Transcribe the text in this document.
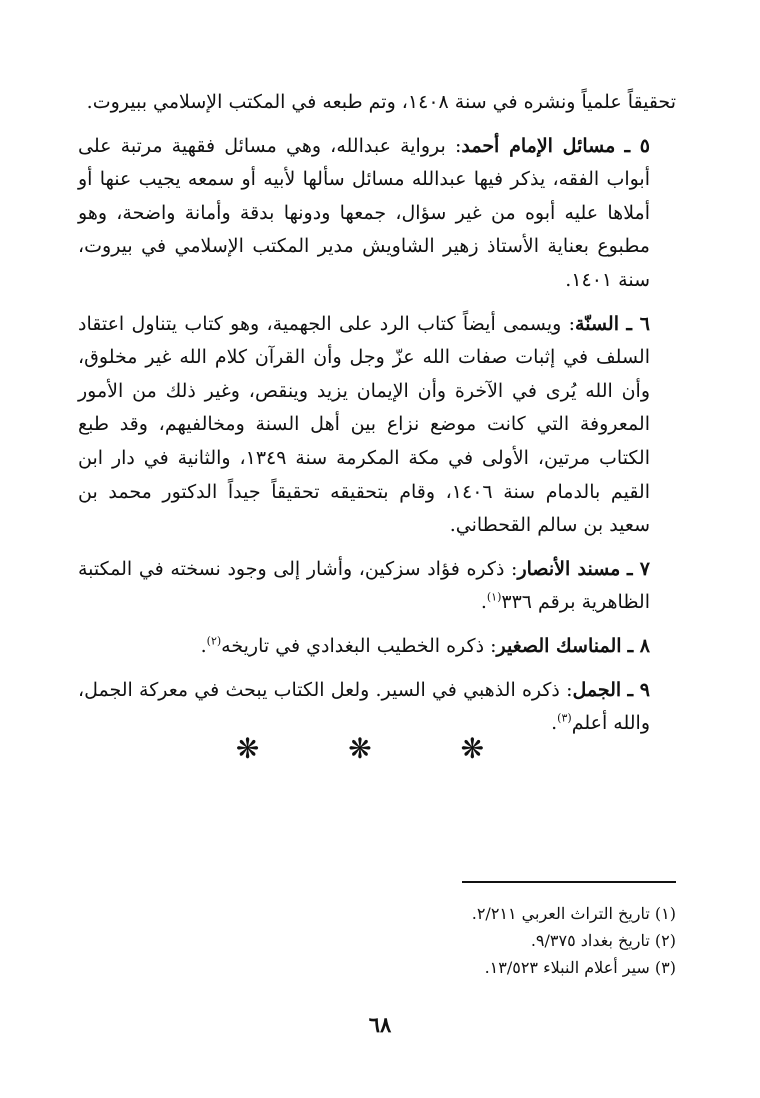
تحقيقاً علمياً ونشره في سنة ١٤٠٨، وتم طبعه في المكتب الإسلامي ببيروت.

٥ ـ مسائل الإمام أحمد: برواية عبدالله، وهي مسائل فقهية مرتبة على أبواب الفقه، يذكر فيها عبدالله مسائل سألها لأبيه أو سمعه يجيب عنها أو أملاها عليه أبوه من غير سؤال، جمعها ودونها بدقة وأمانة واضحة، وهو مطبوع بعناية الأستاذ زهير الشاويش مدير المكتب الإسلامي في بيروت، سنة ١٤٠١.

٦ ـ السنّة: ويسمى أيضاً كتاب الرد على الجهمية، وهو كتاب يتناول اعتقاد السلف في إثبات صفات الله عزّ وجل وأن القرآن كلام الله غير مخلوق، وأن الله يُرى في الآخرة وأن الإيمان يزيد وينقص، وغير ذلك من الأمور المعروفة التي كانت موضع نزاع بين أهل السنة ومخالفيهم، وقد طبع الكتاب مرتين، الأولى في مكة المكرمة سنة ١٣٤٩، والثانية في دار ابن القيم بالدمام سنة ١٤٠٦، وقام بتحقيقه تحقيقاً جيداً الدكتور محمد بن سعيد بن سالم القحطاني.

٧ ـ مسند الأنصار: ذكره فؤاد سزكين، وأشار إلى وجود نسخته في المكتبة الظاهرية برقم ٣٣٦$^{(١)}$.

٨ ـ المناسك الصغير: ذكره الخطيب البغدادي في تاريخه$^{(٢)}$.

٩ ـ الجمل: ذكره الذهبي في السير. ولعل الكتاب يبحث في معركة الجمل، والله أعلم$^{(٣)}$.

❋ ❋ ❋

(١) تاريخ التراث العربي ٢/٢١١.

(٢) تاريخ بغداد ٩/٣٧٥.

(٣) سير أعلام النبلاء ١٣/٥٢٣.

٦٨
